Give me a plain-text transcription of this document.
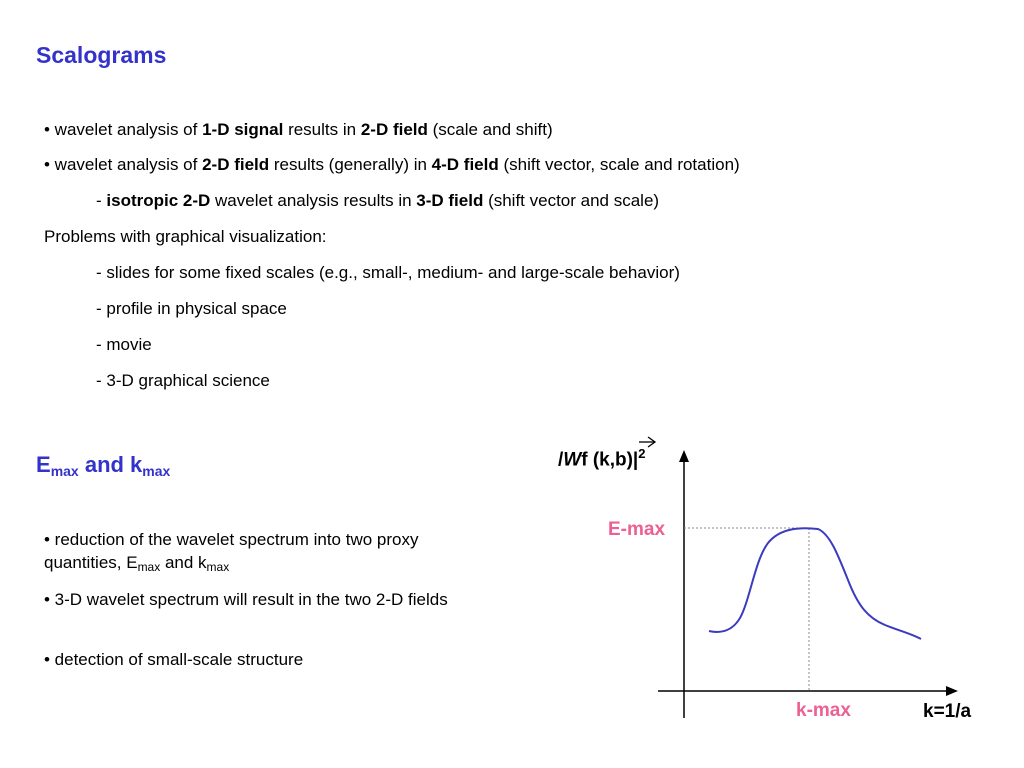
Scalograms
• wavelet analysis of 1-D signal results in 2-D field (scale and shift)
• wavelet analysis of 2-D field results (generally) in 4-D field (shift vector, scale and rotation)
- isotropic 2-D wavelet analysis results in 3-D field (shift vector and scale)
Problems with graphical visualization:
- slides for some fixed scales (e.g., small-, medium- and large-scale behavior)
- profile in physical space
- movie
- 3-D graphical science
$E_{max}$ and $k_{max}$
• reduction of the wavelet spectrum into two proxy quantities, $E_{max}$ and $k_{max}$
• 3-D wavelet spectrum will result in the two 2-D fields
• detection of small-scale structure
/Wf $(k,b)|^2$
E-max
k-max	k=1/a
